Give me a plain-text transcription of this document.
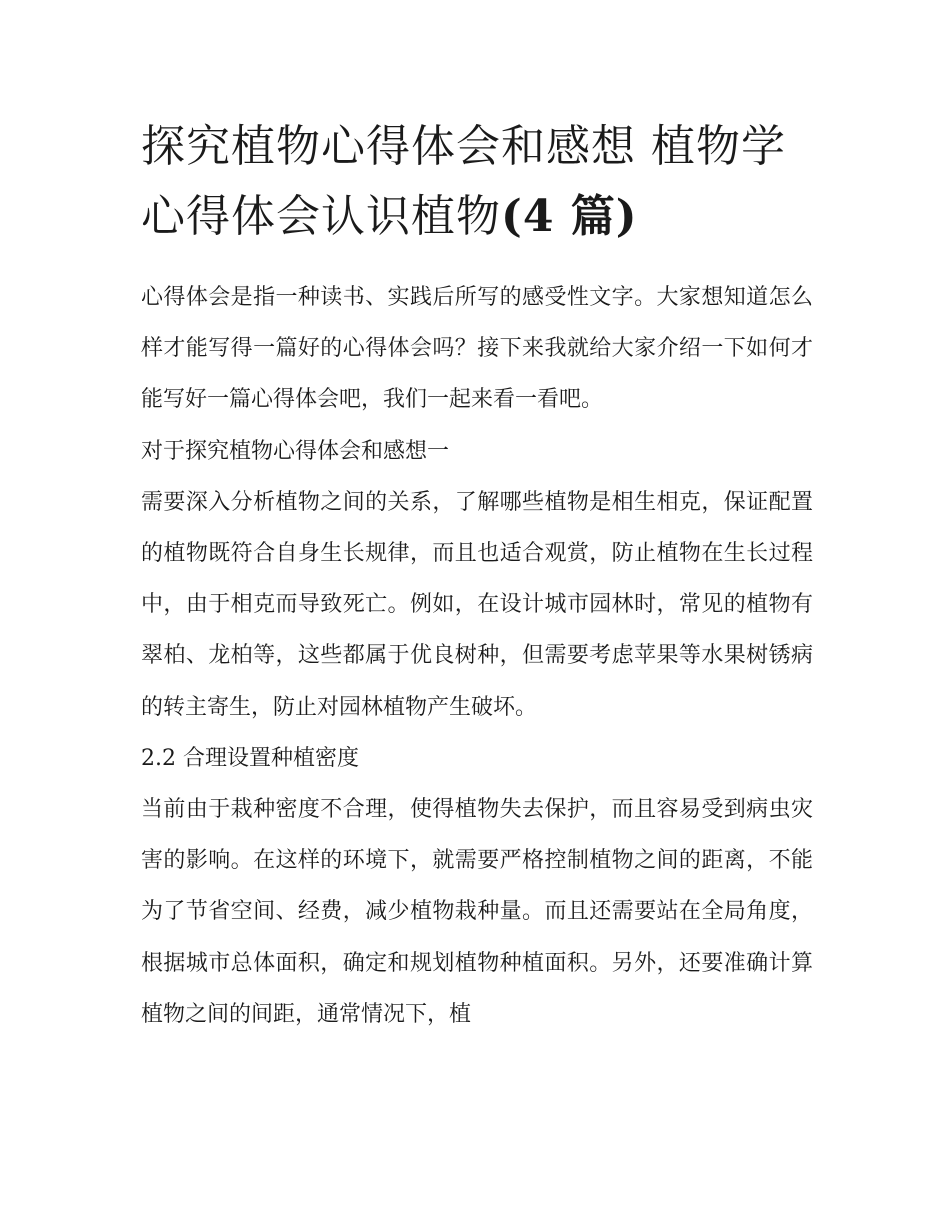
探究植物心得体会和感想 植物学心得体会认识植物(4 篇)

心得体会是指一种读书、实践后所写的感受性文字。大家想知道怎么样才能写得一篇好的心得体会吗？接下来我就给大家介绍一下如何才能写好一篇心得体会吧，我们一起来看一看吧。

对于探究植物心得体会和感想一

需要深入分析植物之间的关系，了解哪些植物是相生相克，保证配置的植物既符合自身生长规律，而且也适合观赏，防止植物在生长过程中，由于相克而导致死亡。例如，在设计城市园林时，常见的植物有翠柏、龙柏等，这些都属于优良树种，但需要考虑苹果等水果树锈病的转主寄生，防止对园林植物产生破坏。

2.2 合理设置种植密度

当前由于栽种密度不合理，使得植物失去保护，而且容易受到病虫灾害的影响。在这样的环境下，就需要严格控制植物之间的距离，不能为了节省空间、经费，减少植物栽种量。而且还需要站在全局角度，根据城市总体面积，确定和规划植物种植面积。另外，还要准确计算植物之间的间距，通常情况下，植
